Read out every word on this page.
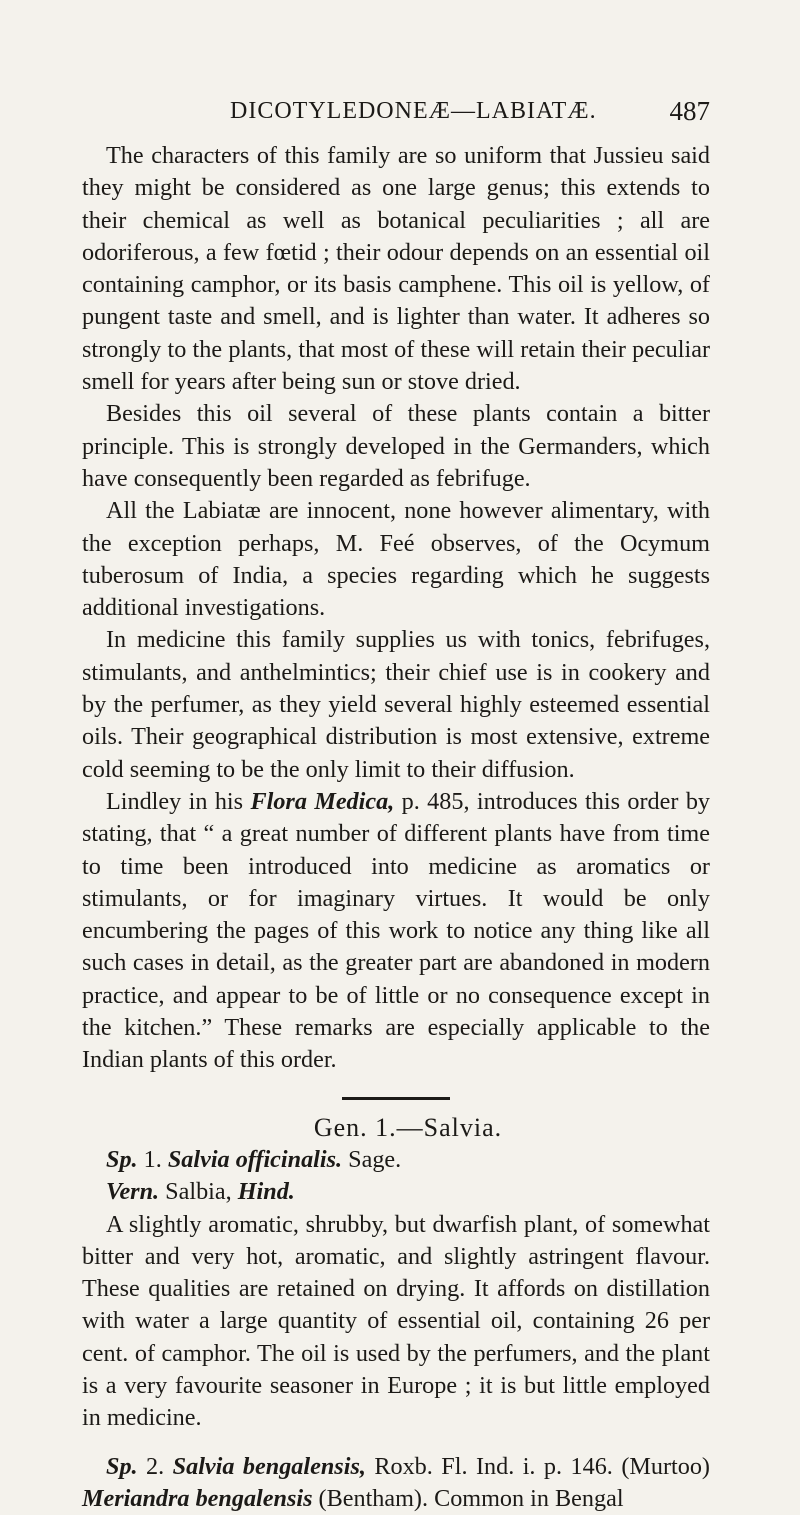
DICOTYLEDONEÆ—LABIATÆ.	487

The characters of this family are so uniform that Jussieu said they might be considered as one large genus; this extends to their chemical as well as botanical peculiarities ; all are odoriferous, a few fœtid ; their odour depends on an essential oil containing camphor, or its basis camphene. This oil is yellow, of pungent taste and smell, and is lighter than water. It adheres so strongly to the plants, that most of these will retain their peculiar smell for years after being sun or stove dried.

Besides this oil several of these plants contain a bitter principle. This is strongly developed in the Germanders, which have consequently been regarded as febrifuge.

All the Labiatæ are innocent, none however alimentary, with the exception perhaps, M. Feé observes, of the Ocymum tuberosum of India, a species regarding which he suggests additional investigations.

In medicine this family supplies us with tonics, febrifuges, stimulants, and anthelmintics; their chief use is in cookery and by the perfumer, as they yield several highly esteemed essential oils. Their geographical distribution is most extensive, extreme cold seeming to be the only limit to their diffusion.

Lindley in his Flora Medica, p. 485, introduces this order by stating, that “ a great number of different plants have from time to time been introduced into medicine as aromatics or stimulants, or for imaginary virtues. It would be only encumbering the pages of this work to notice any thing like all such cases in detail, as the greater part are abandoned in modern practice, and appear to be of little or no consequence except in the kitchen.” These remarks are especially applicable to the Indian plants of this order.

Gen. 1.—Salvia.

Sp. 1. Salvia officinalis. Sage.

Vern. Salbia, Hind.

A slightly aromatic, shrubby, but dwarfish plant, of somewhat bitter and very hot, aromatic, and slightly astringent flavour. These qualities are retained on drying. It affords on distillation with water a large quantity of essential oil, containing 26 per cent. of camphor. The oil is used by the perfumers, and the plant is a very favourite seasoner in Europe ; it is but little employed in medicine.

Sp. 2. Salvia bengalensis, Roxb. Fl. Ind. i. p. 146. (Murtoo) Meriandra bengalensis (Bentham). Common in Bengal
